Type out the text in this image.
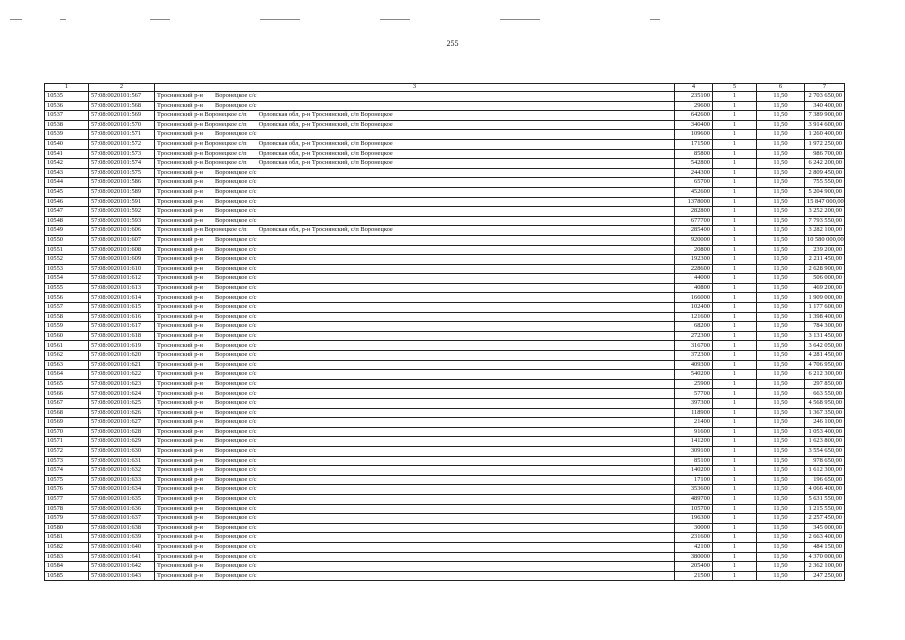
255
1	2	3	4	5	6	7
10535	57:08:0020101:567	Троснянский р-н Воронецкое с/с	235100	1	11,50	2 703 650,00
10536	57:08:0020101:568	Троснянский р-н Воронецкое с/с	29600	1	11,50	340 400,00
10537	57:08:0020101:569	Троснянский р-н Воронецкое с/п Орловская обл, р-н Троснянский, с/п Воронецкое	642600	1	11,50	7 389 900,00
10538	57:08:0020101:570	Троснянский р-н Воронецкое с/п Орловская обл, р-н Троснянский, с/п Воронецкое	340400	1	11,50	3 914 600,00
10539	57:08:0020101:571	Троснянский р-н Воронецкое с/с	109600	1	11,50	1 260 400,00
10540	57:08:0020101:572	Троснянский р-н Воронецкое с/п Орловская обл, р-н Троснянский, с/п Воронецкое	171500	1	11,50	1 972 250,00
10541	57:08:0020101:573	Троснянский р-н Воронецкое с/п Орловская обл, р-н Троснянский, с/п Воронецкое	85800	1	11,50	986 700,00
10542	57:08:0020101:574	Троснянский р-н Воронецкое с/п Орловская обл, р-н Троснянский, с/п Воронецкое	542800	1	11,50	6 242 200,00
10543	57:08:0020101:575	Троснянский р-н Воронецкое с/с	244300	1	11,50	2 809 450,00
10544	57:08:0020101:586	Троснянский р-н Воронецкое с/с	65700	1	11,50	755 550,00
10545	57:08:0020101:589	Троснянский р-н Воронецкое с/с	452600	1	11,50	5 204 900,00
10546	57:08:0020101:591	Троснянский р-н Воронецкое с/с	1378000	1	11,50	15 847 000,00
10547	57:08:0020101:592	Троснянский р-н Воронецкое с/с	282800	1	11,50	3 252 200,00
10548	57:08:0020101:593	Троснянский р-н Воронецкое с/с	677700	1	11,50	7 793 550,00
10549	57:08:0020101:606	Троснянский р-н Воронецкое с/п Орловская обл, р-н Троснянский, с/п Воронецкое	285400	1	11,50	3 282 100,00
10550	57:08:0020101:607	Троснянский р-н Воронецкое с/с	920000	1	11,50	10 580 000,00
10551	57:08:0020101:608	Троснянский р-н Воронецкое с/с	20800	1	11,50	239 200,00
10552	57:08:0020101:609	Троснянский р-н Воронецкое с/с	192300	1	11,50	2 211 450,00
10553	57:08:0020101:610	Троснянский р-н Воронецкое с/с	228600	1	11,50	2 628 900,00
10554	57:08:0020101:612	Троснянский р-н Воронецкое с/с	44000	1	11,50	506 000,00
10555	57:08:0020101:613	Троснянский р-н Воронецкое с/с	40800	1	11,50	469 200,00
10556	57:08:0020101:614	Троснянский р-н Воронецкое с/с	166000	1	11,50	1 909 000,00
10557	57:08:0020101:615	Троснянский р-н Воронецкое с/с	102400	1	11,50	1 177 600,00
10558	57:08:0020101:616	Троснянский р-н Воронецкое с/с	121600	1	11,50	1 398 400,00
10559	57:08:0020101:617	Троснянский р-н Воронецкое с/с	68200	1	11,50	784 300,00
10560	57:08:0020101:618	Троснянский р-н Воронецкое с/с	272300	1	11,50	3 131 450,00
10561	57:08:0020101:619	Троснянский р-н Воронецкое с/с	316700	1	11,50	3 642 050,00
10562	57:08:0020101:620	Троснянский р-н Воронецкое с/с	372300	1	11,50	4 281 450,00
10563	57:08:0020101:621	Троснянский р-н Воронецкое с/с	409300	1	11,50	4 706 950,00
10564	57:08:0020101:622	Троснянский р-н Воронецкое с/с	540200	1	11,50	6 212 300,00
10565	57:08:0020101:623	Троснянский р-н Воронецкое с/с	25900	1	11,50	297 850,00
10566	57:08:0020101:624	Троснянский р-н Воронецкое с/с	57700	1	11,50	663 550,00
10567	57:08:0020101:625	Троснянский р-н Воронецкое с/с	397300	1	11,50	4 568 950,00
10568	57:08:0020101:626	Троснянский р-н Воронецкое с/с	118900	1	11,50	1 367 350,00
10569	57:08:0020101:627	Троснянский р-н Воронецкое с/с	21400	1	11,50	246 100,00
10570	57:08:0020101:628	Троснянский р-н Воронецкое с/с	91600	1	11,50	1 053 400,00
10571	57:08:0020101:629	Троснянский р-н Воронецкое с/с	141200	1	11,50	1 623 800,00
10572	57:08:0020101:630	Троснянский р-н Воронецкое с/с	309100	1	11,50	3 554 650,00
10573	57:08:0020101:631	Троснянский р-н Воронецкое с/с	85100	1	11,50	978 650,00
10574	57:08:0020101:632	Троснянский р-н Воронецкое с/с	140200	1	11,50	1 612 300,00
10575	57:08:0020101:633	Троснянский р-н Воронецкое с/с	17100	1	11,50	196 650,00
10576	57:08:0020101:634	Троснянский р-н Воронецкое с/с	353600	1	11,50	4 066 400,00
10577	57:08:0020101:635	Троснянский р-н Воронецкое с/с	489700	1	11,50	5 631 550,00
10578	57:08:0020101:636	Троснянский р-н Воронецкое с/с	105700	1	11,50	1 215 550,00
10579	57:08:0020101:637	Троснянский р-н Воронецкое с/с	196300	1	11,50	2 257 450,00
10580	57:08:0020101:638	Троснянский р-н Воронецкое с/с	30000	1	11,50	345 000,00
10581	57:08:0020101:639	Троснянский р-н Воронецкое с/с	231600	1	11,50	2 663 400,00
10582	57:08:0020101:640	Троснянский р-н Воронецкое с/с	42100	1	11,50	484 150,00
10583	57:08:0020101:641	Троснянский р-н Воронецкое с/с	380000	1	11,50	4 370 000,00
10584	57:08:0020101:642	Троснянский р-н Воронецкое с/с	205400	1	11,50	2 362 100,00
10585	57:08:0020101:643	Троснянский р-н Воронецкое с/с	21500	1	11,50	247 250,00
